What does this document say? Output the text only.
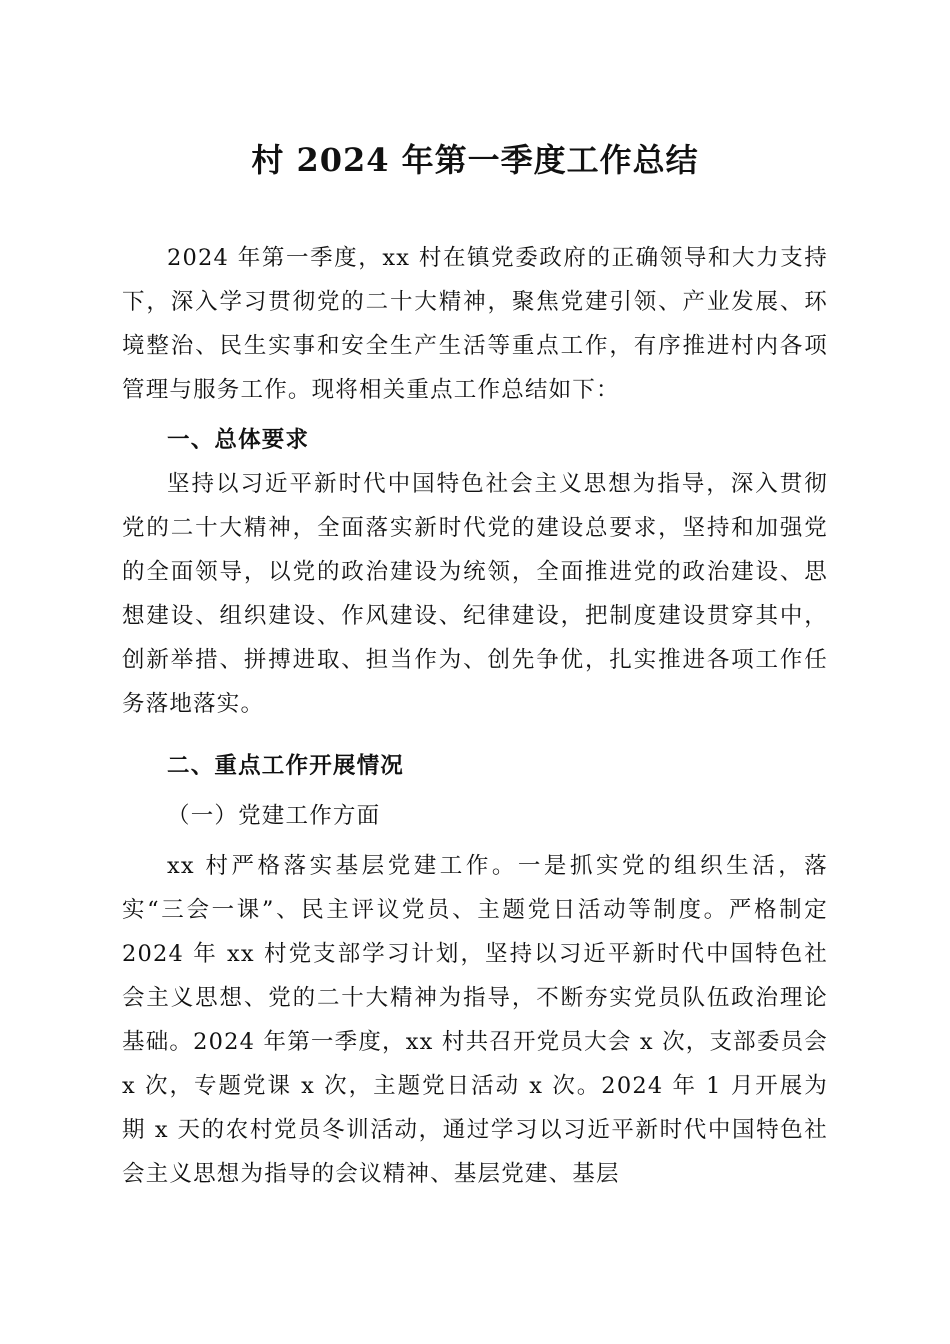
村 2024 年第一季度工作总结

2024 年第一季度，xx 村在镇党委政府的正确领导和大力支持下，深入学习贯彻党的二十大精神，聚焦党建引领、产业发展、环境整治、民生实事和安全生产生活等重点工作，有序推进村内各项管理与服务工作。现将相关重点工作总结如下：

一、总体要求

坚持以习近平新时代中国特色社会主义思想为指导，深入贯彻党的二十大精神，全面落实新时代党的建设总要求，坚持和加强党的全面领导，以党的政治建设为统领，全面推进党的政治建设、思想建设、组织建设、作风建设、纪律建设，把制度建设贯穿其中，创新举措、拼搏进取、担当作为、创先争优，扎实推进各项工作任务落地落实。

二、重点工作开展情况

（一）党建工作方面

xx 村严格落实基层党建工作。一是抓实党的组织生活，落实“三会一课”、民主评议党员、主题党日活动等制度。严格制定 2024 年 xx 村党支部学习计划，坚持以习近平新时代中国特色社会主义思想、党的二十大精神为指导，不断夯实党员队伍政治理论基础。2024 年第一季度，xx 村共召开党员大会 x 次，支部委员会 x 次，专题党课 x 次，主题党日活动 x 次。2024 年 1 月开展为期 x 天的农村党员冬训活动，通过学习以习近平新时代中国特色社会主义思想为指导的会议精神、基层党建、基层
